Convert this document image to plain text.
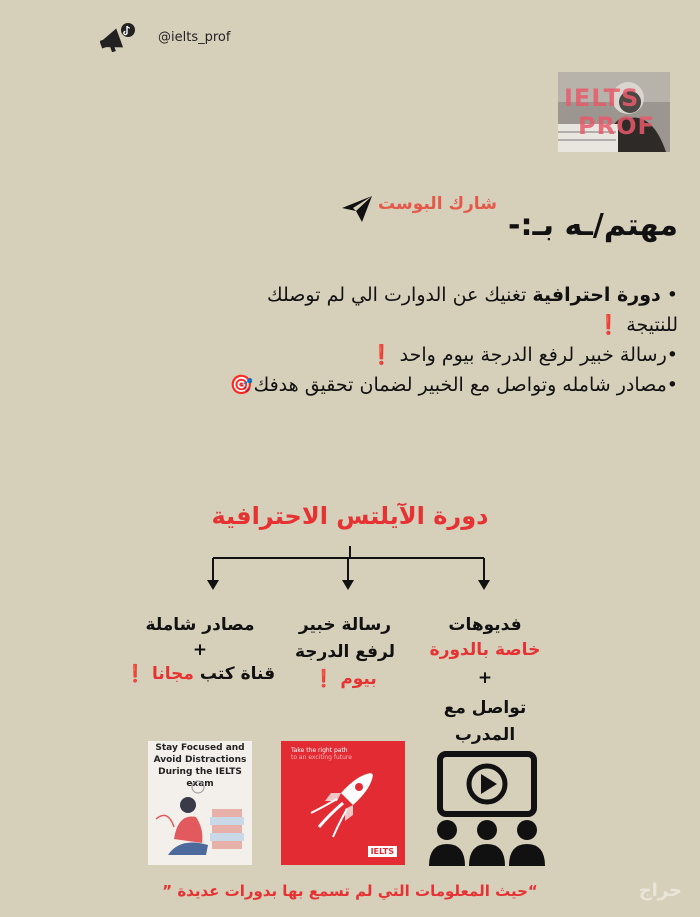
@ielts_prof
IELTS
PROF
شارك البوست
مهتم/ـه بـ:-

• دورة احترافية تغنيك عن الدوارت الي لم توصلك

للنتيجة ❗

•رسالة خبير لرفع الدرجة بيوم واحد ❗

•مصادر شامله وتواصل مع الخبير لضمان تحقيق هدفك🎯

دورة الآيلتس الاحترافية
مصادر شاملة
+
قناة كتب مجانا ❗
رسالة خبير
لرفع الدرجة
بيوم ❗
فديوهات
خاصة بالدورة
+
تواصل مع
المدرب
Stay Focused and Avoid Distractions During the IELTS exam
Take the right path
to an exciting future
IELTS
“حيث المعلومات التي لم تسمع بها بدورات عديدة ”	حراج
